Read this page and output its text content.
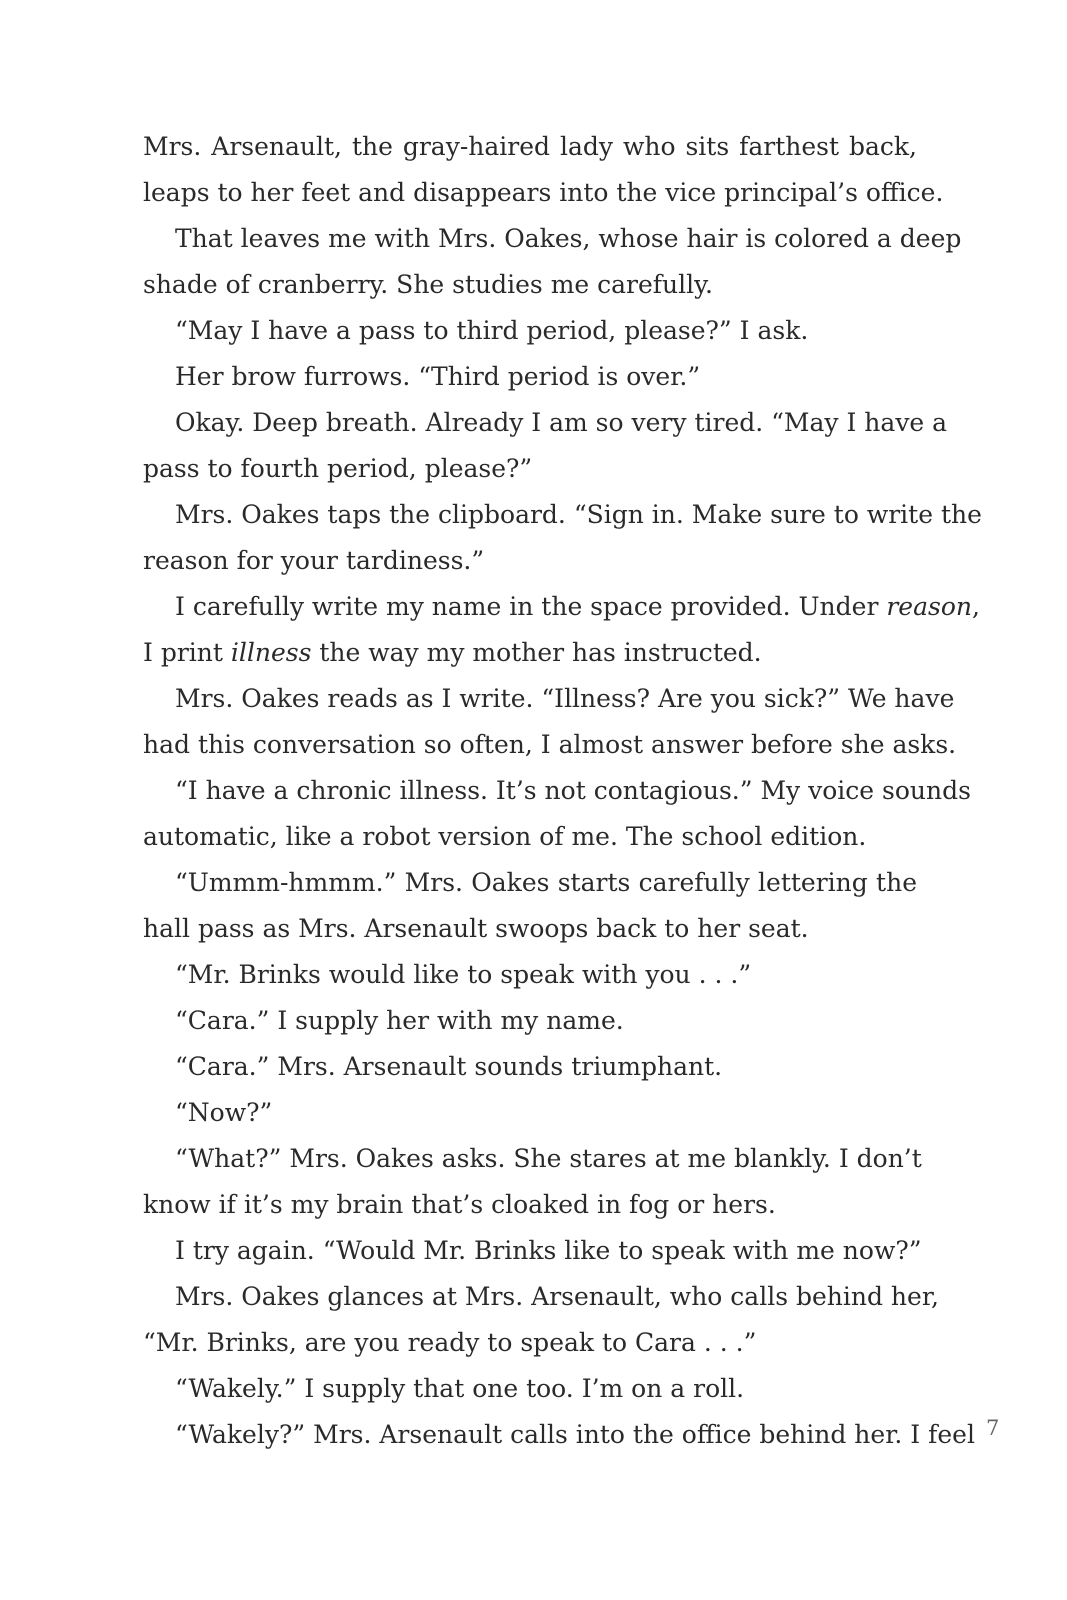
Mrs. Arsenault, the gray-haired lady who sits farthest back,
leaps to her feet and disappears into the vice principal’s office.
That leaves me with Mrs. Oakes, whose hair is colored a deep
shade of cranberry. She studies me carefully.
“May I have a pass to third period, please?” I ask.
Her brow furrows. “Third period is over.”
Okay. Deep breath. Already I am so very tired. “May I have a
pass to fourth period, please?”
Mrs. Oakes taps the clipboard. “Sign in. Make sure to write the
reason for your tardiness.”
I carefully write my name in the space provided. Under reason,
I print illness the way my mother has instructed.
Mrs. Oakes reads as I write. “Illness? Are you sick?” We have
had this conversation so often, I almost answer before she asks.
“I have a chronic illness. It’s not contagious.” My voice sounds
automatic, like a robot version of me. The school edition.
“Ummm-hmmm.” Mrs. Oakes starts carefully lettering the
hall pass as Mrs. Arsenault swoops back to her seat.
“Mr. Brinks would like to speak with you . . .”
“Cara.” I supply her with my name.
“Cara.” Mrs. Arsenault sounds triumphant.
“Now?”
“What?” Mrs. Oakes asks. She stares at me blankly. I don’t
know if it’s my brain that’s cloaked in fog or hers.
I try again. “Would Mr. Brinks like to speak with me now?”
Mrs. Oakes glances at Mrs. Arsenault, who calls behind her,
“Mr. Brinks, are you ready to speak to Cara . . .”
“Wakely.” I supply that one too. I’m on a roll.
“Wakely?” Mrs. Arsenault calls into the office behind her. I feel 7
